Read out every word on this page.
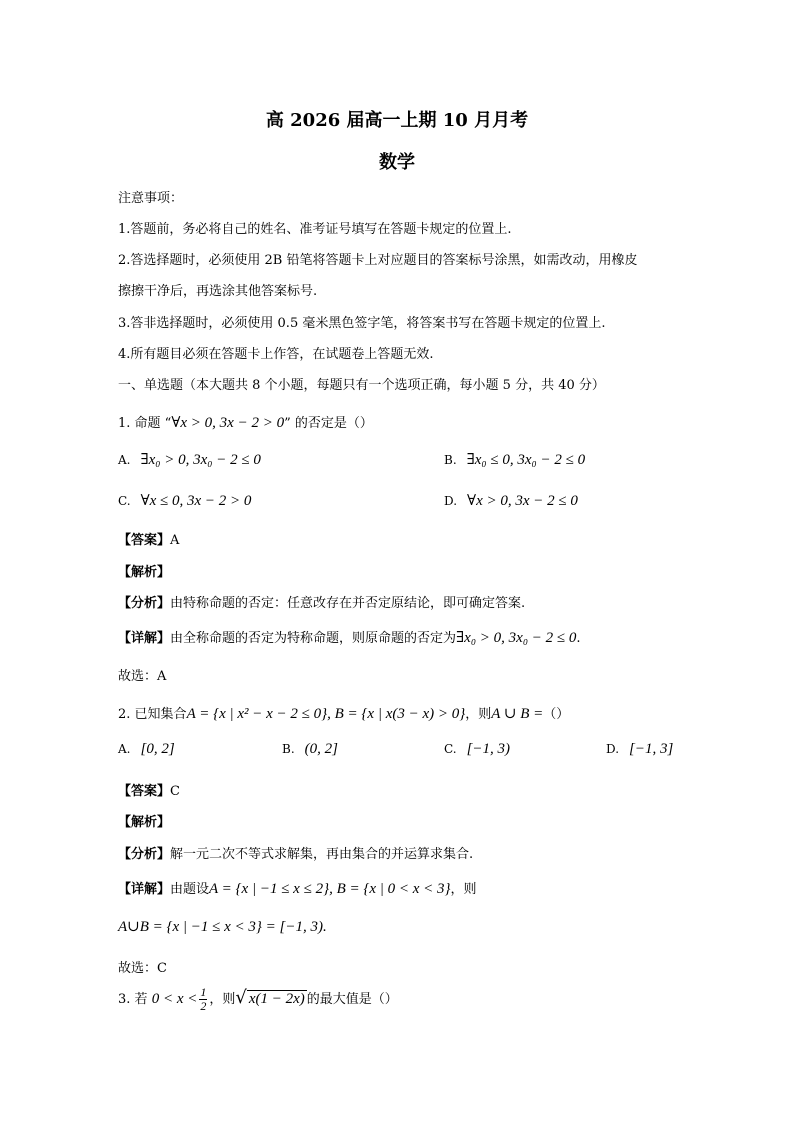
高 2026 届高一上期 10 月月考
数学
注意事项：
1.答题前，务必将自己的姓名、准考证号填写在答题卡规定的位置上.
2.答选择题时，必须使用 2B 铅笔将答题卡上对应题目的答案标号涂黑，如需改动，用橡皮
擦擦干净后，再选涂其他答案标号.
3.答非选择题时，必须使用 0.5 毫米黑色签字笔，将答案书写在答题卡规定的位置上.
4.所有题目必须在答题卡上作答，在试题卷上答题无效.
一、单选题（本大题共 8 个小题，每题只有一个选项正确，每小题 5 分，共 40 分）
1. 命题 “∀x > 0, 3x − 2 > 0” 的否定是（）
A. ∃x₀ > 0, 3x₀ − 2 ≤ 0	B. ∃x₀ ≤ 0, 3x₀ − 2 ≤ 0
C. ∀x ≤ 0, 3x − 2 > 0	D. ∀x > 0, 3x − 2 ≤ 0
【答案】A
【解析】
【分析】由特称命题的否定：任意改存在并否定原结论，即可确定答案.
【详解】由全称命题的否定为特称命题，则原命题的否定为∃x₀ > 0, 3x₀ − 2 ≤ 0.
故选：A
2. 已知集合A = {x | x² − x − 2 ≤ 0}, B = {x | x(3 − x) > 0}，则A ∪ B =（）
A. [0, 2]	B. (0, 2]	C. [−1, 3)	D. [−1, 3]
【答案】C
【解析】
【分析】解一元二次不等式求解集，再由集合的并运算求集合.
【详解】由题设A = {x | −1 ≤ x ≤ 2}, B = {x | 0 < x < 3}，则
A∪B = {x | −1 ≤ x < 3} = [−1, 3).
故选：C
3. 若 $0 < x < \frac{1}{2}$ ，则√ x(1 − 2x) 的最大值是（）
